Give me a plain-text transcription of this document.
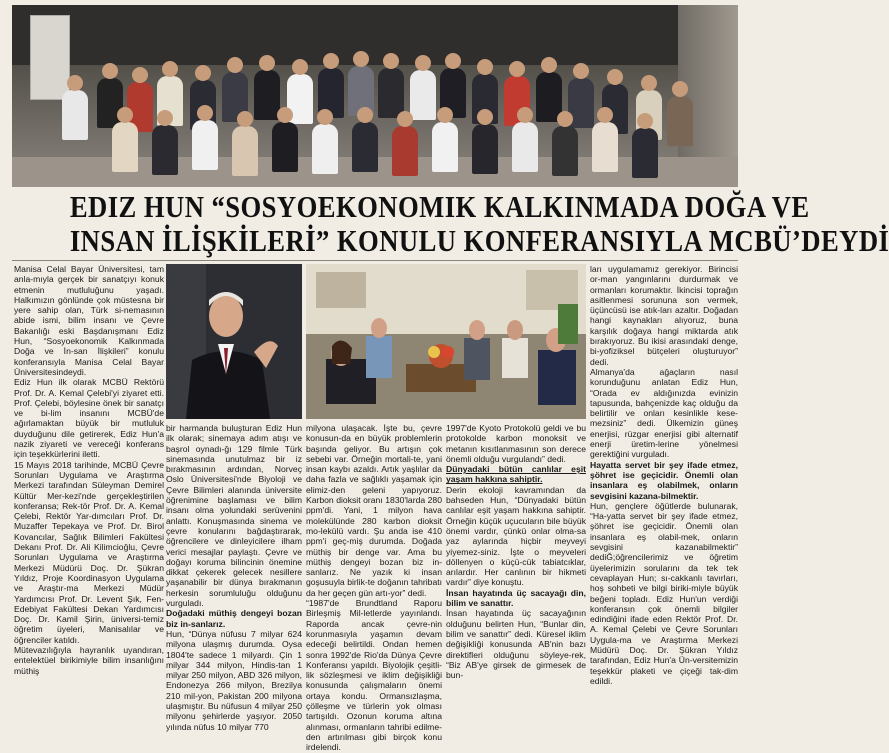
EDIZ HUN “SOSYOEKONOMIK KALKINMADA DOĞA VE
INSAN İLİŞKİLERİ” KONULU KONFERANSIYLA MCBÜ’DEYDİ

Manisa Celal Bayar Üniversitesi, tam anla-mıyla gerçek bir sanatçıyı konuk etmenin mutluluğunu yaşadı. Halkımızın gönlünde çok müstesna bir yere sahip olan, Türk si-nemasının abide ismi, bilim insanı ve Çevre Bakanlığı eski Başdanışmanı Ediz Hun, “Sosyoekonomik Kalkınmada Doğa ve İn-san İlişkileri” konulu konferansıyla Manisa Celal Bayar Üniversitesindeydi.

Ediz Hun ilk olarak MCBÜ Rektörü Prof. Dr. A. Kemal Çelebi'yi ziyaret etti. Prof. Çelebi, böylesine önek bir sanatçı ve bi-lim insanını MCBÜ'de ağırlamaktan büyük bir mutluluk duyduğunu dile getirerek, Ediz Hun'a nazik ziyareti ve vereceği konferans için teşekkürlerini iletti.

15 Mayıs 2018 tarihinde, MCBÜ Çevre Sorunları Uygulama ve Araştırma Merkezi tarafından Süleyman Demirel Kültür Mer-kezi'nde gerçekleştirilen konferansa; Rek-tör Prof. Dr. A. Kemal Çelebi, Rektör Yar-dımcıları Prof. Dr. Muzaffer Tepekaya ve Prof. Dr. Birol Kovancılar, Sağlık Bilimleri Fakültesi Dekanı Prof. Dr. Ali Kilimcioğlu, Çevre Sorunları Uygulama ve Araştırma Merkezi Müdürü Doç. Dr. Şükran Yıldız, Proje Koordinasyon Uygulama ve Araştır-ma Merkezi Müdür Yardımcısı Prof. Dr. Levent Şık, Fen-Edebiyat Fakültesi Dekan Yardımcısı Doç. Dr. Kamil Şirin, üniversi-temiz öğretim üyeleri, Manisalılar ve öğrenciler katıldı.

Mütevazılığıyla hayranlık uyandıran, entelektüel birikimiyle bilim insanlığını müthiş

bir harmanda buluşturan Ediz Hun ilk olarak; sinemaya adım atışı ve başrol oynadı-ğı 129 filmle Türk sinemasında unutulmaz bir iz bırakmasının ardından, Norveç Oslo Üniversitesi'nde Biyoloji ve Çevre Bilimleri alanında üniversite öğrenimine başlaması ve bilim insanı olma yolundaki serüvenini anlattı. Konuşmasında sinema ve çevre konularını bağdaştırarak, öğrencilere ve dinleyicilere ilham verici mesajlar paylaştı. Çevre ve doğayı koruma bilincinin önemine dikkat çekerek gelecek nesillere yaşanabilir bir dünya bırakmanın herkesin sorumluluğu olduğunu vurguladı.

Doğadaki müthiş dengeyi bozan biz in-sanlarız.

Hun, “Dünya nüfusu 7 milyar 624 milyona ulaşmış durumda. Oysa 1804'te sadece 1 milyardı. Çin 1 milyar 344 milyon, Hindis-tan 1 milyar 250 milyon, ABD 326 milyon, Endonezya 266 milyon, Brezilya 210 mil-yon, Pakistan 200 milyona ulaşmıştır. Bu nüfusun 4 milyar 250 milyonu şehirlerde yaşıyor. 2050 yılında nüfus 10 milyar 770

milyona ulaşacak. İşte bu, çevre konusun-da en büyük problemlerin başında geliyor. Bu artışın çok sebebi var. Örneğin mortali-te, yani insan kaybı azaldı. Artık yaşlılar da daha fazla ve sağlıklı yaşamak için elimiz-den geleni yapıyoruz. Karbon dioksit oranı 1830'larda 280 ppm'di. Yani, 1 milyon hava molekülünde 280 karbon dioksit mo-lekülü vardı. Şu anda ise 410 ppm'i geç-miş durumda. Doğada müthiş bir denge var. Ama bu müthiş dengeyi bozan biz in-sanlarız. Ne yazık ki insan goşusuyla birlik-te doğanın tahribatı da her geçen gün artı-yor” dedi.

“1987'de Brundtland Raporu Birleşmiş Mil-letlerde yayınlandı. Raporda ancak çevre-nin korunmasıyla yaşamın devam edeceği belirtildi. Ondan hemen sonra 1992'de Rio'da Dünya Çevre Konferansı yapıldı. Biyolojik çeşitli-lik sözleşmesi ve iklim değişikliği konusunda çalışmaların önemi ortaya kondu. Ormansızlaşma, çölleşme ve türlerin yok olması tartışıldı. Ozonun koruma altına alınması, ormanların tahribi edilme-den artırılması gibi birçok konu irdelendi.

1997'de Kyoto Protokolü geldi ve bu protokolde karbon monoksit ve metanın kısıtlanmasının son derece önemli olduğu vurgulandı” dedi.

Dünyadaki bütün canlılar eşit yaşam hakkına sahiptir.

Derin ekoloji kavramından da bahseden Hun, “Dünyadaki bütün canlılar eşit yaşam hakkına sahiptir. Örneğin küçük uçucuların bile büyük önemi vardır, çünkü onlar olma-sa yaz aylarında hiçbir meyveyi yiyemez-siniz. İşte o meyveleri döllenyen o küçü-cük tabiatcıklar, arılardır. Her canlının bir hikmeti vardır” diye konuştu.

İnsan hayatında üç sacayağı din, bilim ve sanattır.

İnsan hayatında üç sacayağının olduğunu belirten Hun, “Bunlar din, bilim ve sanattır” dedi. Küresel iklim değişikliği konusunda AB'nin bazı direktifleri olduğunu söyleye-rek, “Biz AB'ye girsek de girmesek de bun-

ları uygulamamız gerekiyor. Birincisi or-man yangınlarını durdurmak ve ormanları korumaktır. İkincisi toprağın asitlenmesi sorununa son vermek, üçüncüsü ise atık-ları azaltır. Doğadan hangi kaynakları alıyoruz, buna karşılık doğaya hangi miktarda atık bırakıyoruz. Bu ikisi arasındaki denge, bi-yofiziksel bütçeleri oluşturuyor” dedi.

Almanya'da ağaçların nasıl korunduğunu anlatan Ediz Hun, “Orada ev aldığınızda evinizin tapusunda, bahçenizde kaç olduğu da belirtilir ve onları kesinlikle kese-mezsiniz” dedi. Ülkemizin güneş enerjisi, rüzgar enerjisi gibi alternatif enerji üretim-lerine yönelmesi gerektiğini vurguladı.

Hayatta servet bir şey ifade etmez, şöhret ise geçicidir. Önemli olan insanlara eş olabilmek, onların sevgisini kazana-bilmektir.

Hun, gençlere öğütlerde bulunarak, “Ha-yatta servet bir şey ifade etmez, şöhret ise geçicidir. Önemli olan insanlara eş olabil-mek, onların sevgisini kazanabilmektir” dediĞ;öğrencilerimiz ve öğretim üyelerimizin sorularını da tek tek cevaplayan Hun; sı-cakkanlı tavırları, hoş sohbeti ve bilgi biriki-miyle büyük beğeni topladı. Ediz Hun'un verdiği konferansın çok önemli bilgiler edindiğini ifade eden Rektör Prof. Dr. A. Kemal Çelebi ve Çevre Sorunları Uygula-ma ve Araştırma Merkezi Müdürü Doç. Dr. Şükran Yıldız tarafından, Ediz Hun'a Ün-versitemizin teşekkür plaketi ve çiçeği tak-dim edildi.
